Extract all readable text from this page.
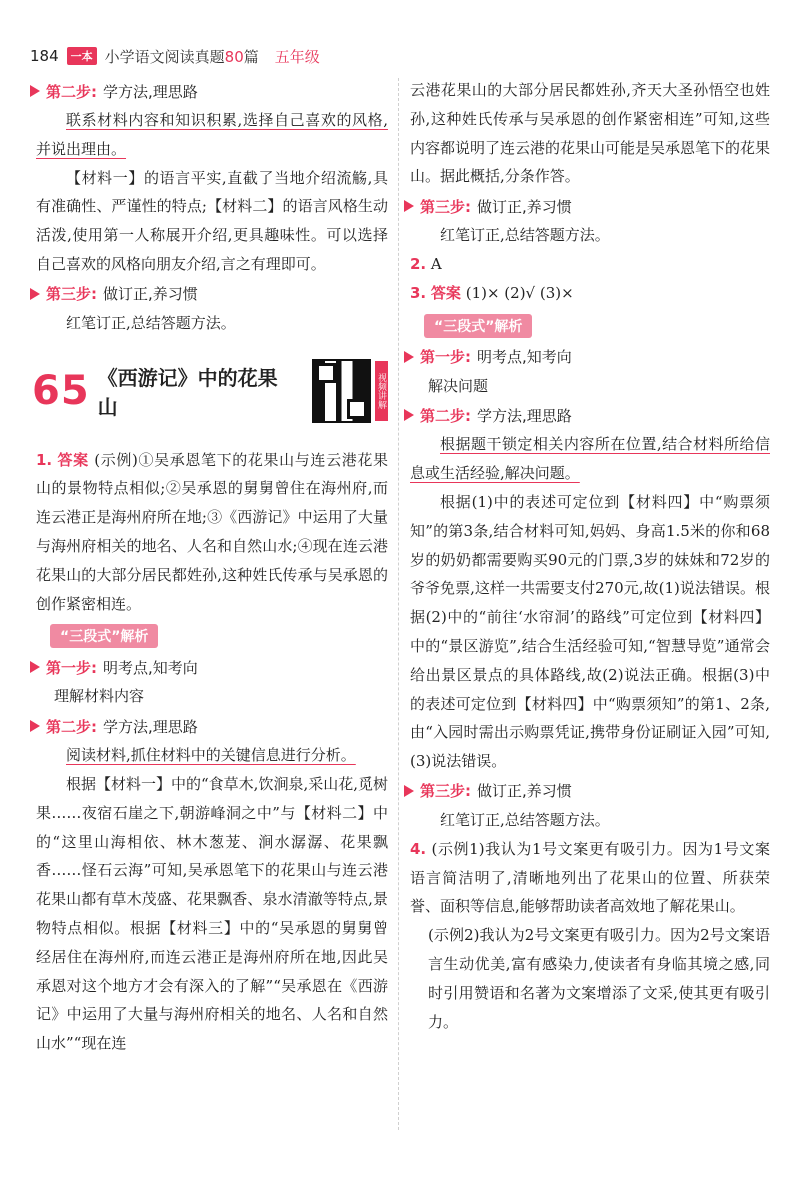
184	一本 小学语文阅读真题80篇 五年级
第二步: 学方法,理思路

联系材料内容和知识积累,选择自己喜欢的风格,并说出理由。

【材料一】的语言平实,直截了当地介绍流觞,具有准确性、严谨性的特点;【材料二】的语言风格生动活泼,使用第一人称展开介绍,更具趣味性。可以选择自己喜欢的风格向朋友介绍,言之有理即可。

第三步: 做订正,养习惯

红笔订正,总结答题方法。

65 《西游记》中的花果山	视频讲解

1. 答案 (示例)①吴承恩笔下的花果山与连云港花果山的景物特点相似;②吴承恩的舅舅曾住在海州府,而连云港正是海州府所在地;③《西游记》中运用了大量与海州府相关的地名、人名和自然山水;④现在连云港花果山的大部分居民都姓孙,这种姓氏传承与吴承恩的创作紧密相连。

“三段式”解析
第一步: 明考点,知考向

理解材料内容

第二步: 学方法,理思路

阅读材料,抓住材料中的关键信息进行分析。

根据【材料一】中的“食草木,饮涧泉,采山花,觅树果……夜宿石崖之下,朝游峰洞之中”与【材料二】中的“这里山海相依、林木葱茏、涧水潺潺、花果飘香……怪石云海”可知,吴承恩笔下的花果山与连云港花果山都有草木茂盛、花果飘香、泉水清澈等特点,景物特点相似。根据【材料三】中的“吴承恩的舅舅曾经居住在海州府,而连云港正是海州府所在地,因此吴承恩对这个地方才会有深入的了解”“吴承恩在《西游记》中运用了大量与海州府相关的地名、人名和自然山水”“现在连

云港花果山的大部分居民都姓孙,齐天大圣孙悟空也姓孙,这种姓氏传承与吴承恩的创作紧密相连”可知,这些内容都说明了连云港的花果山可能是吴承恩笔下的花果山。据此概括,分条作答。

第三步: 做订正,养习惯

红笔订正,总结答题方法。

2. A

3. 答案 (1)× (2)√ (3)×

“三段式”解析
第一步: 明考点,知考向

解决问题

第二步: 学方法,理思路

根据题干锁定相关内容所在位置,结合材料所给信息或生活经验,解决问题。

根据(1)中的表述可定位到【材料四】中“购票须知”的第3条,结合材料可知,妈妈、身高1.5米的你和68岁的奶奶都需要购买90元的门票,3岁的妹妹和72岁的爷爷免票,这样一共需要支付270元,故(1)说法错误。根据(2)中的“前往‘水帘洞’的路线”可定位到【材料四】中的“景区游览”,结合生活经验可知,“智慧导览”通常会给出景区景点的具体路线,故(2)说法正确。根据(3)中的表述可定位到【材料四】中“购票须知”的第1、2条,由“入园时需出示购票凭证,携带身份证刷证入园”可知,(3)说法错误。

第三步: 做订正,养习惯

红笔订正,总结答题方法。

4. (示例1)我认为1号文案更有吸引力。因为1号文案语言简洁明了,清晰地列出了花果山的位置、所获荣誉、面积等信息,能够帮助读者高效地了解花果山。

(示例2)我认为2号文案更有吸引力。因为2号文案语言生动优美,富有感染力,使读者有身临其境之感,同时引用赞语和名著为文案增添了文采,使其更有吸引力。
